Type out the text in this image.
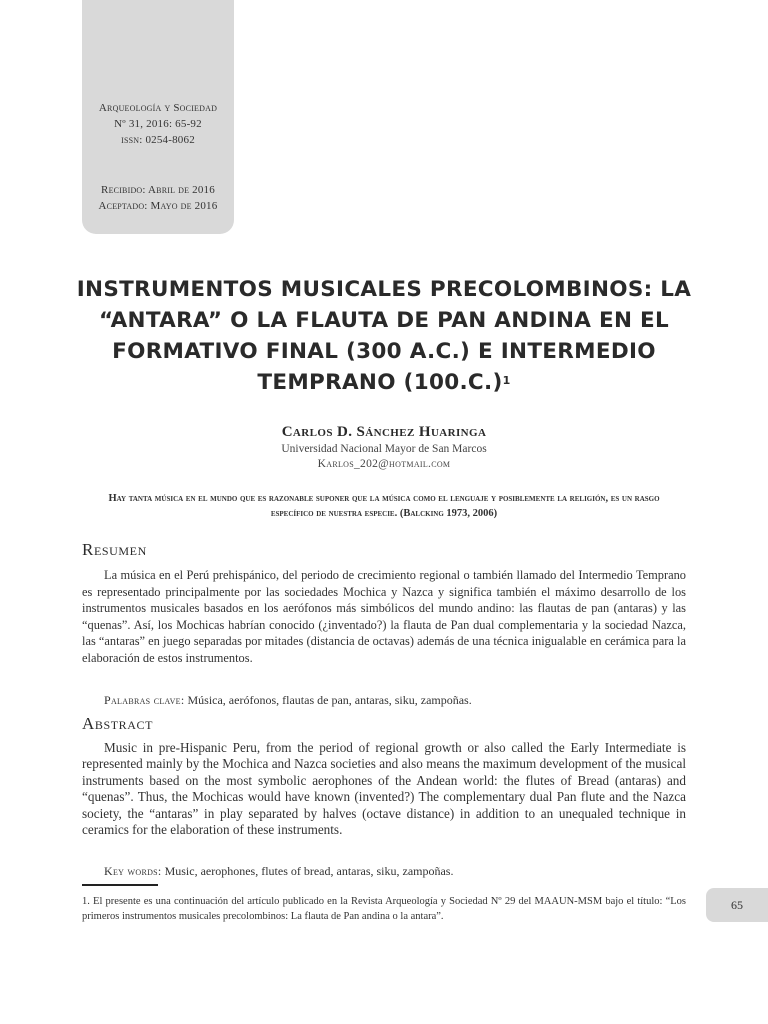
Arqueología y Sociedad
Nº 31, 2016: 65-92
issn: 0254-8062
Recibido: Abril de 2016
Aceptado: Mayo de 2016
INSTRUMENTOS MUSICALES PRECOLOMBINOS: LA “ANTARA” O LA FLAUTA DE PAN ANDINA EN EL FORMATIVO FINAL (300 A.C.) E INTERMEDIO TEMPRANO $(100.C.)^1$
Carlos D. Sánchez Huaringa
Universidad Nacional Mayor de San Marcos
Karlos_202@hotmail.com
Hay tanta música en el mundo que es razonable suponer que la música como el lenguaje y posiblemente la religión, es un rasgo específico de nuestra especie. (Balcking 1973, 2006)
Resumen
La música en el Perú prehispánico, del periodo de crecimiento regional o también llamado del Intermedio Temprano es representado principalmente por las sociedades Mochica y Nazca y significa también el máximo desarrollo de los instrumentos musicales basados en los aerófonos más simbólicos del mundo andino: las flautas de pan (antaras) y las “quenas”. Así, los Mochicas habrían conocido (¿inventado?) la flauta de Pan dual complementaria y la sociedad Nazca, las “antaras” en juego separadas por mitades (distancia de octavas) además de una técnica inigualable en cerámica para la elaboración de estos instrumentos.
Palabras clave: Música, aerófonos, flautas de pan, antaras, siku, zampoñas.
Abstract
Music in pre-Hispanic Peru, from the period of regional growth or also called the Early Intermediate is represented mainly by the Mochica and Nazca societies and also means the maximum development of the musical instruments based on the most symbolic aerophones of the Andean world: the flutes of Bread (antaras) and “quenas”. Thus, the Mochicas would have known (invented?) The complementary dual Pan flute and the Nazca society, the “antaras” in play separated by halves (octave distance) in addition to an unequaled technique in ceramics for the elaboration of these instruments.
Key words: Music, aerophones, flutes of bread, antaras, siku, zampoñas.
1. El presente es una continuación del artículo publicado en la Revista Arqueología y Sociedad Nº 29 del MAAUN-MSM bajo el título: “Los primeros instrumentos musicales precolombinos: La flauta de Pan andina o la antara”.
65
